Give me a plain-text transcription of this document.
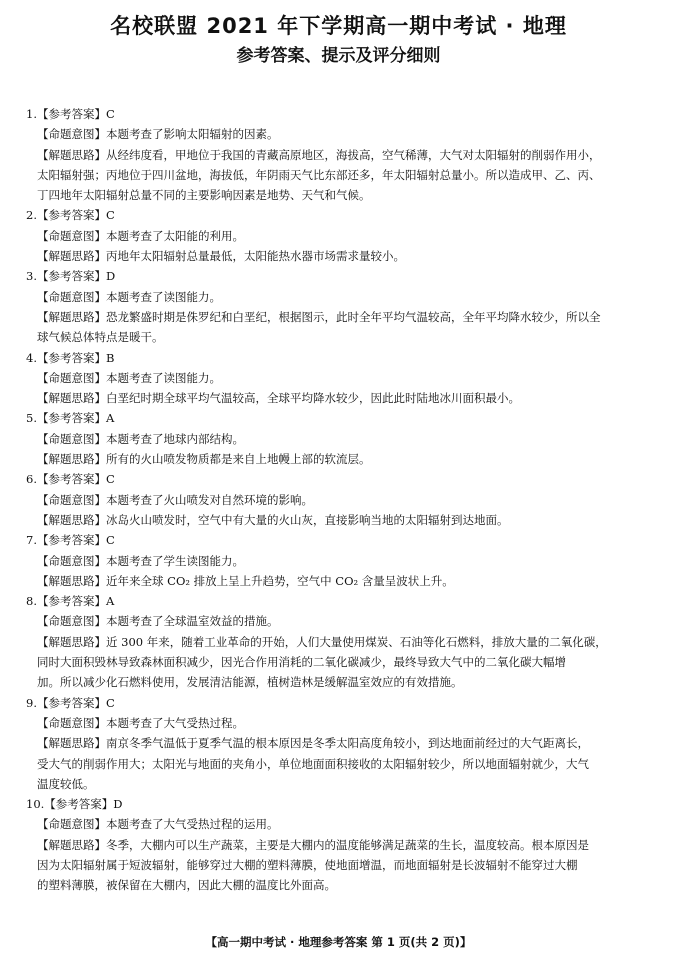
名校联盟 2021 年下学期高一期中考试 · 地理
参考答案、提示及评分细则
1.【参考答案】C
【命题意图】本题考查了影响太阳辐射的因素。
【解题思路】从经纬度看，甲地位于我国的青藏高原地区，海拔高，空气稀薄，大气对太阳辐射的削弱作用小，
太阳辐射强；丙地位于四川盆地，海拔低，年阴雨天气比东部还多，年太阳辐射总量小。所以造成甲、乙、丙、
丁四地年太阳辐射总量不同的主要影响因素是地势、天气和气候。
2.【参考答案】C
【命题意图】本题考查了太阳能的利用。
【解题思路】丙地年太阳辐射总量最低，太阳能热水器市场需求量较小。
3.【参考答案】D
【命题意图】本题考查了读图能力。
【解题思路】恐龙繁盛时期是侏罗纪和白垩纪，根据图示，此时全年平均气温较高，全年平均降水较少，所以全
球气候总体特点是暖干。
4.【参考答案】B
【命题意图】本题考查了读图能力。
【解题思路】白垩纪时期全球平均气温较高，全球平均降水较少，因此此时陆地冰川面积最小。
5.【参考答案】A
【命题意图】本题考查了地球内部结构。
【解题思路】所有的火山喷发物质都是来自上地幔上部的软流层。
6.【参考答案】C
【命题意图】本题考查了火山喷发对自然环境的影响。
【解题思路】冰岛火山喷发时，空气中有大量的火山灰，直接影响当地的太阳辐射到达地面。
7.【参考答案】C
【命题意图】本题考查了学生读图能力。
【解题思路】近年来全球 CO₂ 排放上呈上升趋势，空气中 CO₂ 含量呈波状上升。
8.【参考答案】A
【命题意图】本题考查了全球温室效益的措施。
【解题思路】近 300 年来，随着工业革命的开始，人们大量使用煤炭、石油等化石燃料，排放大量的二氧化碳，
同时大面积毁林导致森林面积减少，因光合作用消耗的二氧化碳减少，最终导致大气中的二氧化碳大幅增
加。所以减少化石燃料使用，发展清洁能源，植树造林是缓解温室效应的有效措施。
9.【参考答案】C
【命题意图】本题考查了大气受热过程。
【解题思路】南京冬季气温低于夏季气温的根本原因是冬季太阳高度角较小，到达地面前经过的大气距离长，
受大气的削弱作用大；太阳光与地面的夹角小，单位地面面积接收的太阳辐射较少，所以地面辐射就少，大气
温度较低。
10.【参考答案】D
【命题意图】本题考查了大气受热过程的运用。
【解题思路】冬季，大棚内可以生产蔬菜，主要是大棚内的温度能够满足蔬菜的生长，温度较高。根本原因是
因为太阳辐射属于短波辐射，能够穿过大棚的塑料薄膜，使地面增温，而地面辐射是长波辐射不能穿过大棚
的塑料薄膜，被保留在大棚内，因此大棚的温度比外面高。
【高一期中考试 · 地理参考答案 第 1 页(共 2 页)】
